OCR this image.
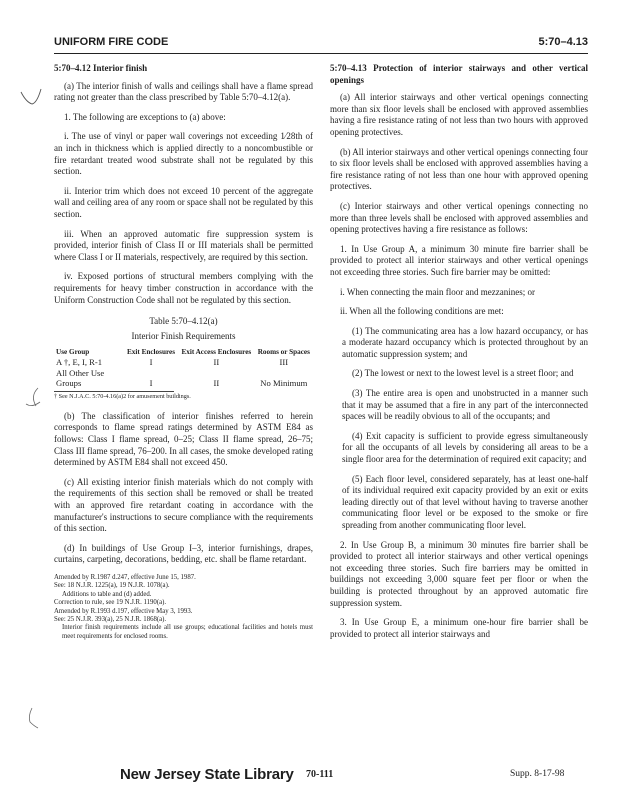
UNIFORM FIRE CODE	5:70–4.13
5:70–4.12 Interior finish

(a) The interior finish of walls and ceilings shall have a flame spread rating not greater than the class prescribed by Table 5:70–4.12(a).

1. The following are exceptions to (a) above:

i. The use of vinyl or paper wall coverings not exceeding 1⁄28th of an inch in thickness which is applied directly to a noncombustible or fire retardant treated wood substrate shall not be regulated by this section.

ii. Interior trim which does not exceed 10 percent of the aggregate wall and ceiling area of any room or space shall not be regulated by this section.

iii. When an approved automatic fire suppression system is provided, interior finish of Class II or III materials shall be permitted where Class I or II materials, respectively, are required by this section.

iv. Exposed portions of structural members complying with the requirements for heavy timber construction in accordance with the Uniform Construction Code shall not be regulated by this section.

Table 5:70–4.12(a)
Interior Finish Requirements
Use Group	Exit Enclosures	Exit Access Enclosures	Rooms or Spaces
A †, E, I, R-1	I	II	III
All Other Use Groups	I	II	No Minimum
† See N.J.A.C. 5:70-4.16(a)2 for amusement buildings.

(b) The classification of interior finishes referred to herein corresponds to flame spread ratings determined by ASTM E84 as follows: Class I flame spread, 0–25; Class II flame spread, 26–75; Class III flame spread, 76–200. In all cases, the smoke developed rating determined by ASTM E84 shall not exceed 450.

(c) All existing interior finish materials which do not comply with the requirements of this section shall be removed or shall be treated with an approved fire retardant coating in accordance with the manufacturer's instructions to secure compliance with the requirements of this section.

(d) In buildings of Use Group I–3, interior furnishings, drapes, curtains, carpeting, decorations, bedding, etc. shall be flame retardant.

Amended by R.1987 d.247, effective June 15, 1987.
See: 18 N.J.R. 1225(a), 19 N.J.R. 1078(a).
Additions to table and (d) added.
Correction to rule, see 19 N.J.R. 1190(a).
Amended by R.1993 d.197, effective May 3, 1993.
See: 25 N.J.R. 393(a), 25 N.J.R. 1868(a).
Interior finish requirements include all use groups; educational facilities and hotels must meet requirements for enclosed rooms.
5:70–4.13 Protection of interior stairways and other vertical openings

(a) All interior stairways and other vertical openings connecting more than six floor levels shall be enclosed with approved assemblies having a fire resistance rating of not less than two hours with approved opening protectives.

(b) All interior stairways and other vertical openings connecting four to six floor levels shall be enclosed with approved assemblies having a fire resistance rating of not less than one hour with approved opening protectives.

(c) Interior stairways and other vertical openings connecting no more than three levels shall be enclosed with approved assemblies and opening protectives having a fire resistance as follows:

1. In Use Group A, a minimum 30 minute fire barrier shall be provided to protect all interior stairways and other vertical openings not exceeding three stories. Such fire barrier may be omitted:

i. When connecting the main floor and mezzanines; or

ii. When all the following conditions are met:

(1) The communicating area has a low hazard occupancy, or has a moderate hazard occupancy which is protected throughout by an automatic suppression system; and

(2) The lowest or next to the lowest level is a street floor; and

(3) The entire area is open and unobstructed in a manner such that it may be assumed that a fire in any part of the interconnected spaces will be readily obvious to all of the occupants; and

(4) Exit capacity is sufficient to provide egress simultaneously for all the occupants of all levels by considering all areas to be a single floor area for the determination of required exit capacity; and

(5) Each floor level, considered separately, has at least one-half of its individual required exit capacity provided by an exit or exits leading directly out of that level without having to traverse another communicating floor level or be exposed to the smoke or fire spreading from another communicating floor level.

2. In Use Group B, a minimum 30 minutes fire barrier shall be provided to protect all interior stairways and other vertical openings not exceeding three stories. Such fire barriers may be omitted in buildings not exceeding 3,000 square feet per floor or when the building is protected throughout by an approved automatic fire suppression system.

3. In Use Group E, a minimum one-hour fire barrier shall be provided to protect all interior stairways and

New Jersey State Library 70-111	Supp. 8-17-98
